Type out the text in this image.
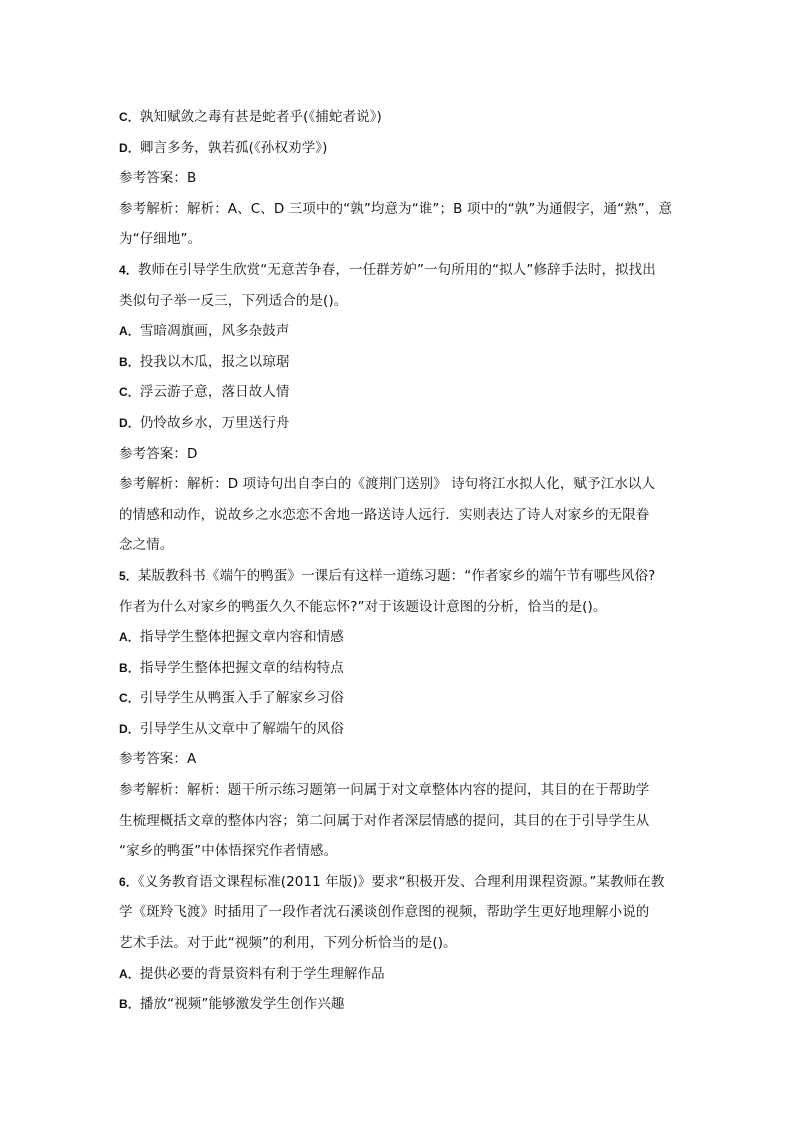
C．孰知赋敛之毒有甚是蛇者乎(《捕蛇者说》)
D．卿言多务，孰若孤(《孙权劝学》)
参考答案：B
参考解析：解析：A、C、D 三项中的“孰”均意为“谁”；B 项中的“孰”为通假字，通“熟”，意
为“仔细地”。
4．教师在引导学生欣赏“无意苦争春，一任群芳妒”一句所用的“拟人”修辞手法时，拟找出
类似句子举一反三，下列适合的是()。
A．雪暗凋旗画，风多杂鼓声
B．投我以木瓜，报之以琼琚
C．浮云游子意，落日故人情
D．仍怜故乡水，万里送行舟
参考答案：D
参考解析：解析：D 项诗句出自李白的《渡荆门送别》 诗句将江水拟人化，赋予江水以人
的情感和动作，说故乡之水恋恋不舍地一路送诗人远行．实则表达了诗人对家乡的无限眷
念之情。
5．某版教科书《端午的鸭蛋》一课后有这样一道练习题：“作者家乡的端午节有哪些风俗?
作者为什么对家乡的鸭蛋久久不能忘怀?”对于该题设计意图的分析，恰当的是()。
A．指导学生整体把握文章内容和情感
B．指导学生整体把握文章的结构特点
C．引导学生从鸭蛋入手了解家乡习俗
D．引导学生从文章中了解端午的风俗
参考答案：A
参考解析：解析：题干所示练习题第一问属于对文章整体内容的提问，其目的在于帮助学
生梳理概括文章的整体内容；第二问属于对作者深层情感的提问，其目的在于引导学生从
“家乡的鸭蛋”中体悟探究作者情感。
6．《义务教育语文课程标准(2011 年版)》要求“积极开发、合理利用课程资源。”某教师在教
学《斑羚飞渡》时插用了一段作者沈石溪谈创作意图的视频，帮助学生更好地理解小说的
艺术手法。对于此“视频”的利用，下列分析恰当的是()。
A．提供必要的背景资料有利于学生理解作品
B．播放“视频”能够激发学生创作兴趣
